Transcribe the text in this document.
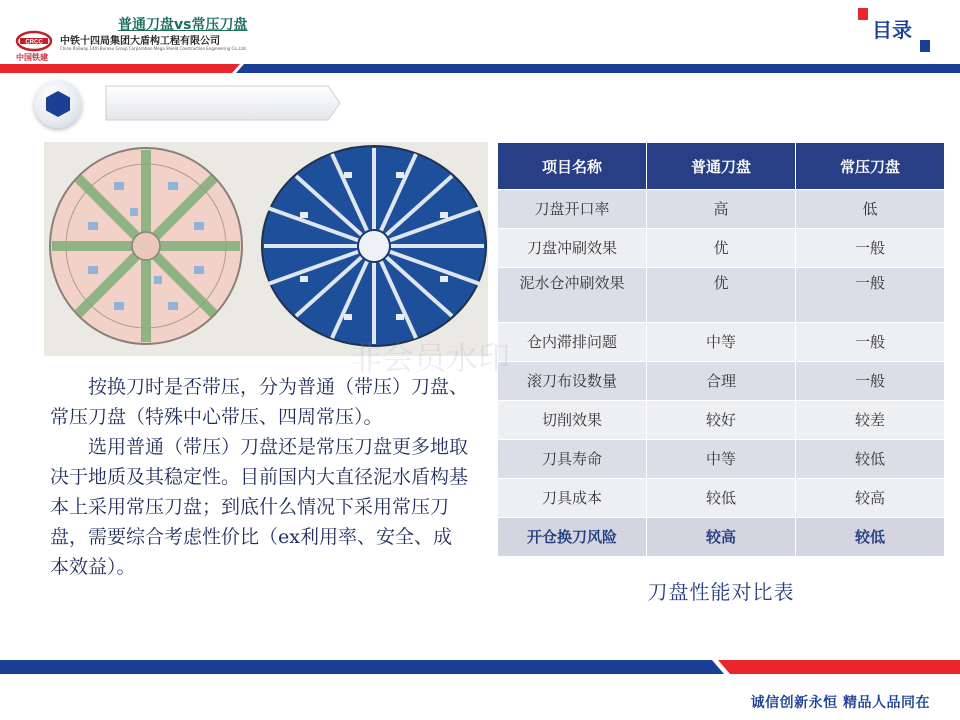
CRCC
中国铁建
中铁十四局集团大盾构工程有限公司
China Railway 14th Bureau Group Corporation Mega Shield Construction Engineering Co.,Ltd.
目录
普通刀盘vs常压刀盘

按换刀时是否带压，分为普通（带压）刀盘、常压刀盘（特殊中心带压、四周常压）。

选用普通（带压）刀盘还是常压刀盘更多地取决于地质及其稳定性。目前国内大直径泥水盾构基本上采用常压刀盘；到底什么情况下采用常压刀盘，需要综合考虑性价比（ex利用率、安全、成本效益）。

项目名称	普通刀盘	常压刀盘
刀盘开口率	高	低
刀盘冲刷效果	优	一般
泥水仓冲刷效果	优	一般
仓内滞排问题	中等	一般
滚刀布设数量	合理	一般
切削效果	较好	较差
刀具寿命	中等	较低
刀具成本	较低	较高
开仓换刀风险	较高	较低
刀盘性能对比表
非会员水印
诚信创新永恒 精品人品同在
